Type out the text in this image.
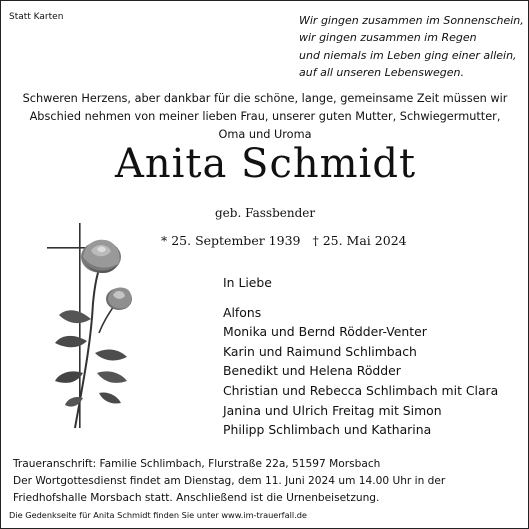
Statt Karten	Wir gingen zusammen im Sonnenschein,
wir gingen zusammen im Regen
und niemals im Leben ging einer allein,
auf all unseren Lebenswegen.
Schweren Herzens, aber dankbar für die schöne, lange, gemeinsame Zeit müssen wir Abschied nehmen von meiner lieben Frau, unserer guten Mutter, Schwiegermutter, Oma und Uroma
Anita Schmidt
geb. Fassbender
* 25. September 1939 † 25. Mai 2024
In Liebe
Alfons
Monika und Bernd Rödder-Venter
Karin und Raimund Schlimbach
Benedikt und Helena Rödder
Christian und Rebecca Schlimbach mit Clara
Janina und Ulrich Freitag mit Simon
Philipp Schlimbach und Katharina
Traueranschrift: Familie Schlimbach, Flurstraße 22a, 51597 Morsbach
Der Wortgottesdienst findet am Dienstag, dem 11. Juni 2024 um 14.00 Uhr in der
Friedhofshalle Morsbach statt. Anschließend ist die Urnenbeisetzung.
Die Gedenkseite für Anita Schmidt finden Sie unter www.im-trauerfall.de
